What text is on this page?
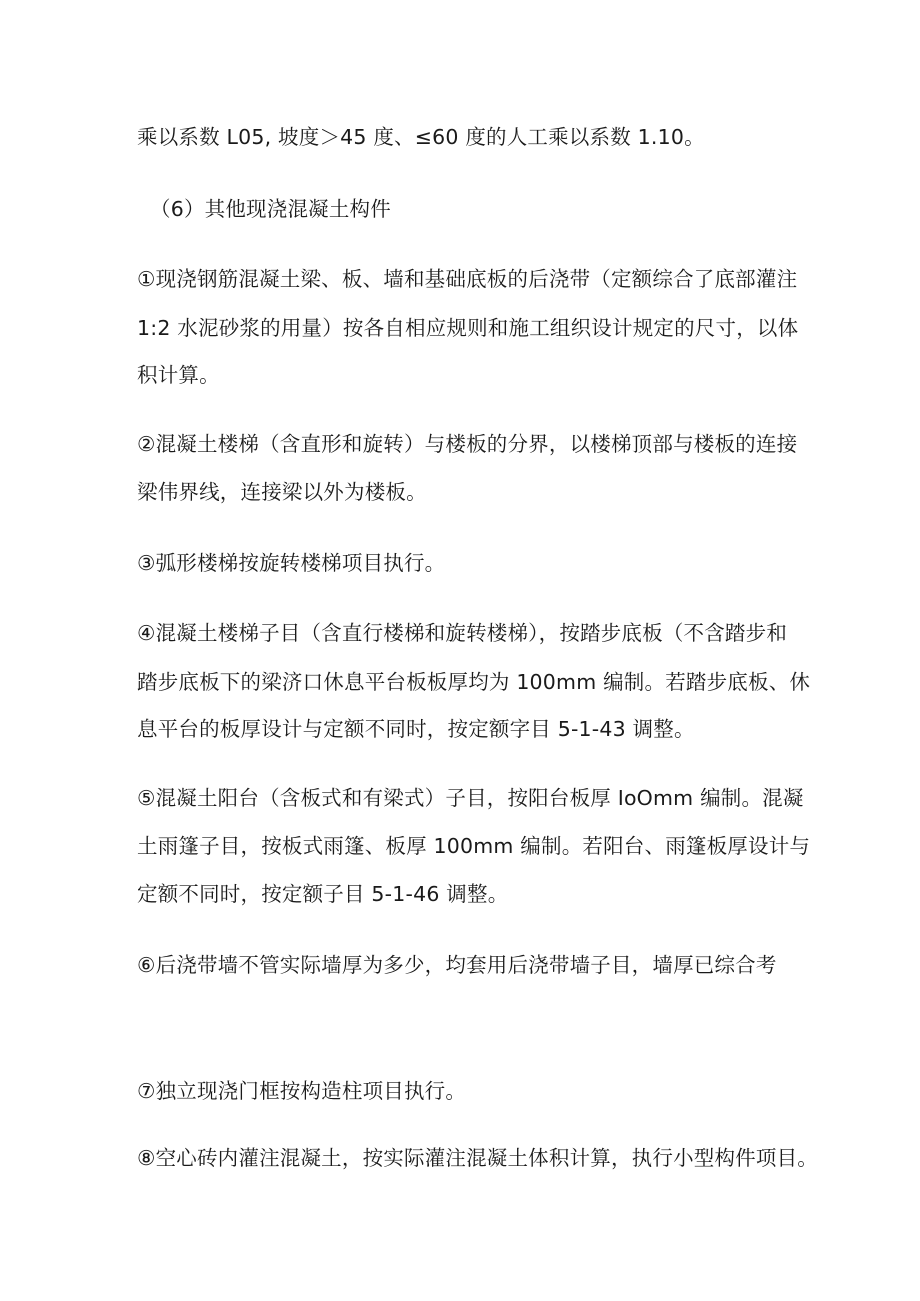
乘以系数 L05, 坡度＞45 度、≤60 度的人工乘以系数 1.10。
（6）其他现浇混凝土构件
①现浇钢筋混凝土梁、板、墙和基础底板的后浇带（定额综合了底部灌注
1:2 水泥砂浆的用量）按各自相应规则和施工组织设计规定的尺寸，以体
积计算。
②混凝土楼梯（含直形和旋转）与楼板的分界，以楼梯顶部与楼板的连接
梁伟界线，连接梁以外为楼板。
③弧形楼梯按旋转楼梯项目执行。
④混凝土楼梯子目（含直行楼梯和旋转楼梯），按踏步底板（不含踏步和
踏步底板下的梁济口休息平台板板厚均为 100mm 编制。若踏步底板、休
息平台的板厚设计与定额不同时，按定额字目 5-1-43 调整。
⑤混凝土阳台（含板式和有梁式）子目，按阳台板厚 IoOmm 编制。混凝
土雨篷子目，按板式雨篷、板厚 100mm 编制。若阳台、雨篷板厚设计与
定额不同时，按定额子目 5-1-46 调整。
⑥后浇带墙不管实际墙厚为多少，均套用后浇带墙子目，墙厚已综合考
⑦独立现浇门框按构造柱项目执行。
⑧空心砖内灌注混凝土，按实际灌注混凝土体积计算，执行小型构件项目。
